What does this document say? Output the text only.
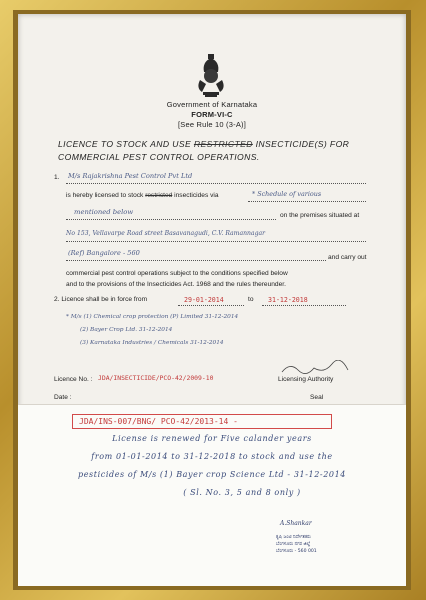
Government of Karnataka
FORM-VI-C
[See Rule 10 (3-A)]
LICENCE TO STOCK AND USE RESTRICTED INSECTICIDE(S) FOR
COMMERCIAL PEST CONTROL OPERATIONS.
1. M/s Rajakrishna Pest Control Pvt Ltd
is hereby licensed to stock restricted insecticides via	* Schedule of various
mentioned below	on the premises situated at
No 153, Vellavarpe Road street Basavanagudi, C.V. Ramannagar
(Ref) Bangalore - 560
and carry out
commercial pest control operations subject to the conditions specified below
and to the provisions of the Insecticides Act. 1968 and the rules thereunder.
2. Licence shall be in force from	29-01-2014	to 31-12-2018
* M/s (1) Chemical crop protection (P) Limited 31-12-2014
(2) Bayer Crop Ltd. 31-12-2014
(3) Karnataka Industries / Chemicals 31-12-2014
Licence No. : JDA/INSECTICIDE/PCO-42/2009-10	Licensing Authority
Date :	Seal
JDA/INS-007/BNG/ PCO-42/2013-14 -
License is renewed for Five calander years
from 01-01-2014 to 31-12-2018 to stock and use the
pesticides of M/s (1) Bayer crop Science Ltd - 31-12-2014
( Sl. No. 3, 5 and 8 only )
A.Shankar
ಕೃಷಿ ಜಂಟಿ ನಿರ್ದೇಶಕರು
ಬೆಂಗಳೂರು ನಗರ ಜಿಲ್ಲೆ
ಬೆಂಗಳೂರು - 560 001
